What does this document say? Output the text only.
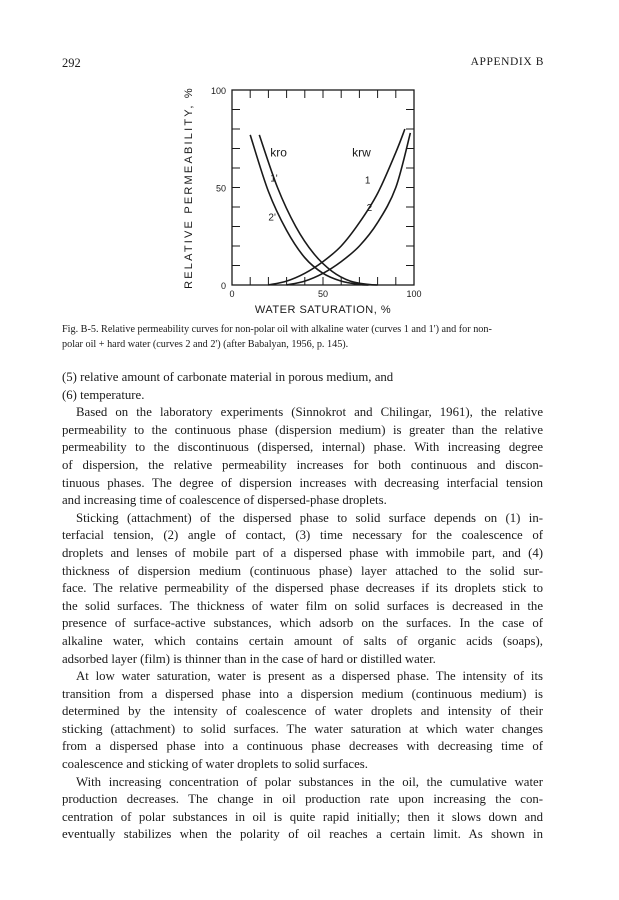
292	APPENDIX B
0	50	100
0
50
100
WATER SATURATION, %
RELATIVE PERMEABILITY, %	kro	krw
1'
2'
1
2
Fig. B-5. Relative permeability curves for non-polar oil with alkaline water (curves 1 and 1') and for non-
polar oil + hard water (curves 2 and 2') (after Babalyan, 1956, p. 145).
(5) relative amount of carbonate material in porous medium, and
(6) temperature.
Based on the laboratory experiments (Sinnokrot and Chilingar, 1961), the relative
permeability to the continuous phase (dispersion medium) is greater than the relative
permeability to the discontinuous (dispersed, internal) phase. With increasing degree
of dispersion, the relative permeability increases for both continuous and discon-
tinuous phases. The degree of dispersion increases with decreasing interfacial tension
and increasing time of coalescence of dispersed-phase droplets.
Sticking (attachment) of the dispersed phase to solid surface depends on (1) in-
terfacial tension, (2) angle of contact, (3) time necessary for the coalescence of
droplets and lenses of mobile part of a dispersed phase with immobile part, and (4)
thickness of dispersion medium (continuous phase) layer attached to the solid sur-
face. The relative permeability of the dispersed phase decreases if its droplets stick to
the solid surfaces. The thickness of water film on solid surfaces is decreased in the
presence of surface-active substances, which adsorb on the surfaces. In the case of
alkaline water, which contains certain amount of salts of organic acids (soaps),
adsorbed layer (film) is thinner than in the case of hard or distilled water.
At low water saturation, water is present as a dispersed phase. The intensity of its
transition from a dispersed phase into a dispersion medium (continuous medium) is
determined by the intensity of coalescence of water droplets and intensity of their
sticking (attachment) to solid surfaces. The water saturation at which water changes
from a dispersed phase into a continuous phase decreases with decreasing time of
coalescence and sticking of water droplets to solid surfaces.
With increasing concentration of polar substances in the oil, the cumulative water
production decreases. The change in oil production rate upon increasing the con-
centration of polar substances in oil is quite rapid initially; then it slows down and
eventually stabilizes when the polarity of oil reaches a certain limit. As shown in
